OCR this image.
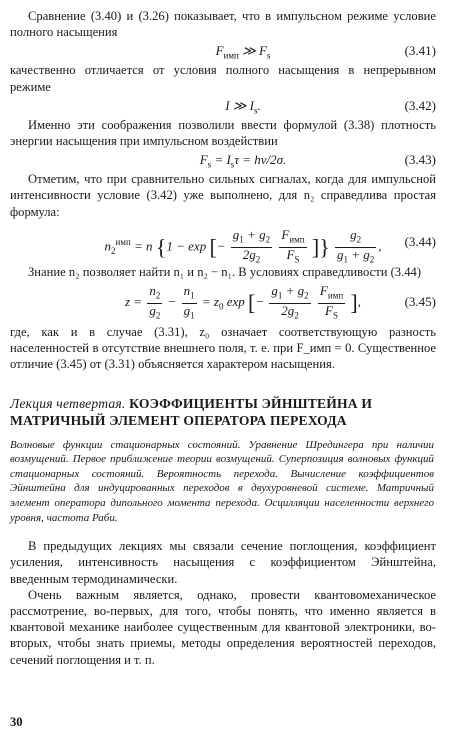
Сравнение (3.40) и (3.26) показывает, что в импульсном режиме условие полного насыщения

$F_{имп}$ ≫ $F_s$	(3.41)

качественно отличается от условия полного насыщения в непрерывном режиме

I ≫ $I_s$.	(3.42)

Именно эти соображения позволили ввести формулой (3.38) плотность энергии насыщения при импульсном воздействии

$F_s = I_s\tau = h\nu/2\sigma$.	(3.43)

Отметим, что при сравнительно сильных сигналах, когда для импульсной интенсивности условие (3.42) уже выполнено, для n₂ справедлива простая формула:

$n_2^{имп} = n$ {1 − exp [− $\frac{g_1 + g_2}{2g_2}$
$\frac{F_{имп}}{F_S}$ ]} $\frac{g_2}{g_1 + g_2}$ , (3.44)

Знание n₂ позволяет найти n₁ и n₂ − n₁. В условиях справедливости (3.44)

$z = \frac{n_2}{g_2} - \frac{n_1}{g_1} = z_0$ exp [− $\frac{g_1 + g_2}{2g_2}$
$\frac{F_{имп}}{F_S}$ ],	(3.45)

где, как и в случае (3.31), z₀ означает соответствующую разность населенностей в отсутствие внешнего поля, т. е. при F_имп = 0. Существенное отличие (3.45) от (3.31) объясняется характером насыщения.

Лекция четвертая. КОЭФФИЦИЕНТЫ ЭЙНШТЕЙНА И МАТРИЧНЫЙ ЭЛЕМЕНТ ОПЕРАТОРА ПЕРЕХОДА
Волновые функции стационарных состояний. Уравнение Шредингера при наличии возмущений. Первое приближение теории возмущений. Суперпозиция волновых функций стационарных состояний. Вероятность перехода. Вычисление коэффициентов Эйнштейна для индуцированных переходов в двухуровневой системе. Матричный элемент оператора дипольного момента перехода. Осцилляции населенности верхнего уровня, частота Раби.

В предыдущих лекциях мы связали сечение поглощения, коэффициент усиления, интенсивность насыщения с коэффициентом Эйнштейна, введенным термодинамически.

Очень важным является, однако, провести квантовомеханическое рассмотрение, во-первых, для того, чтобы понять, что именно является в квантовой механике наиболее существенным для квантовой электроники, во-вторых, чтобы знать приемы, методы определения вероятностей переходов, сечений поглощения и т. п.

30
